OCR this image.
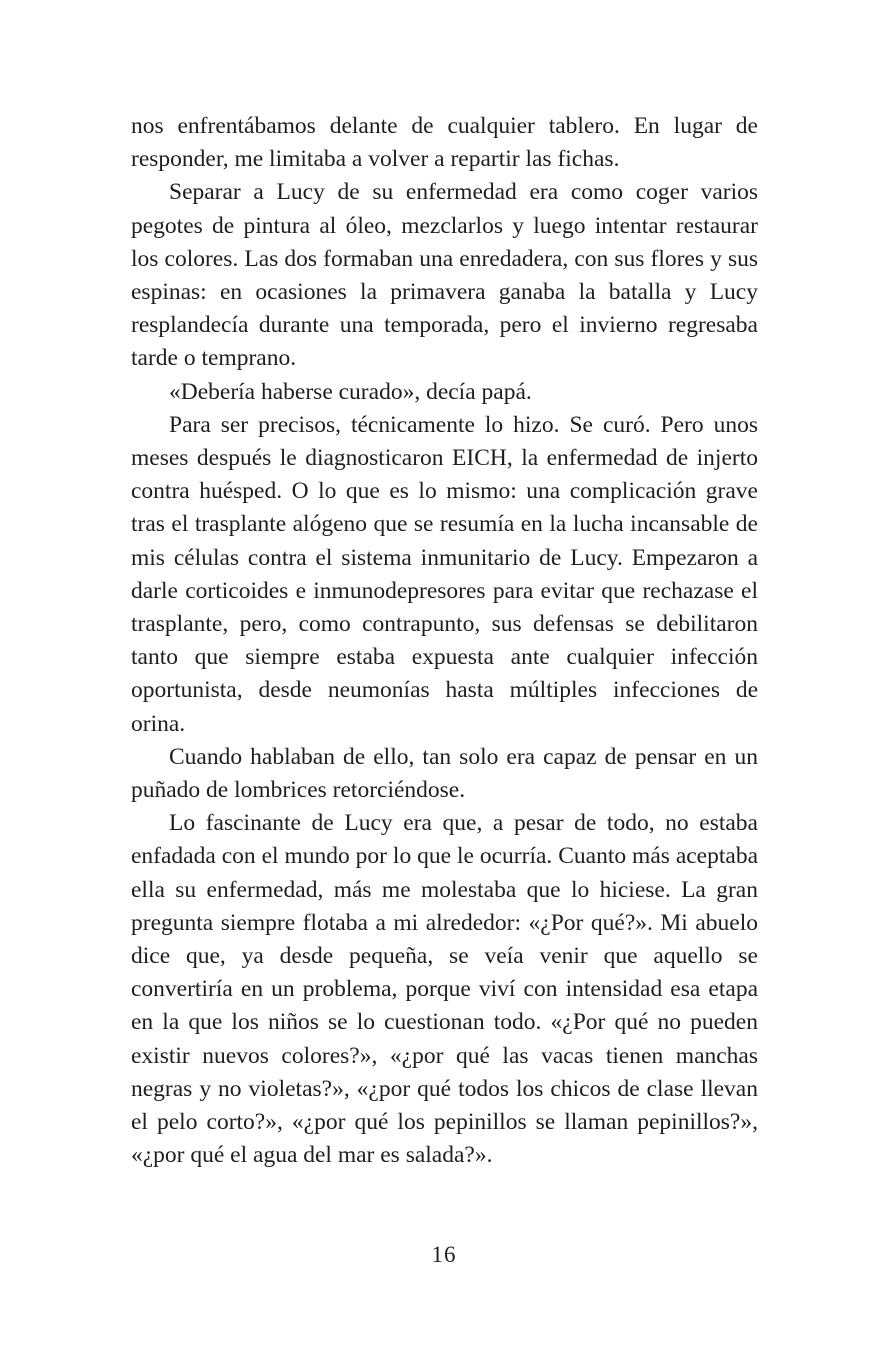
nos enfrentábamos delante de cualquier tablero. En lugar de responder, me limitaba a volver a repartir las fichas.

Separar a Lucy de su enfermedad era como coger varios pegotes de pintura al óleo, mezclarlos y luego intentar restaurar los colores. Las dos formaban una enredadera, con sus flores y sus espinas: en ocasiones la primavera ganaba la batalla y Lucy resplandecía durante una temporada, pero el invierno regresaba tarde o temprano.

«Debería haberse curado», decía papá.

Para ser precisos, técnicamente lo hizo. Se curó. Pero unos meses después le diagnosticaron EICH, la enfermedad de injerto contra huésped. O lo que es lo mismo: una complicación grave tras el trasplante alógeno que se resumía en la lucha incansable de mis células contra el sistema inmunitario de Lucy. Empezaron a darle corticoides e inmunodepresores para evitar que rechazase el trasplante, pero, como contrapunto, sus defensas se debilitaron tanto que siempre estaba expuesta ante cualquier infección oportunista, desde neumonías hasta múltiples infecciones de orina.

Cuando hablaban de ello, tan solo era capaz de pensar en un puñado de lombrices retorciéndose.

Lo fascinante de Lucy era que, a pesar de todo, no estaba enfadada con el mundo por lo que le ocurría. Cuanto más aceptaba ella su enfermedad, más me molestaba que lo hiciese. La gran pregunta siempre flotaba a mi alrededor: «¿Por qué?». Mi abuelo dice que, ya desde pequeña, se veía venir que aquello se convertiría en un problema, porque viví con intensidad esa etapa en la que los niños se lo cuestionan todo. «¿Por qué no pueden existir nuevos colores?», «¿por qué las vacas tienen manchas negras y no violetas?», «¿por qué todos los chicos de clase llevan el pelo corto?», «¿por qué los pepinillos se llaman pepinillos?», «¿por qué el agua del mar es salada?».

16
